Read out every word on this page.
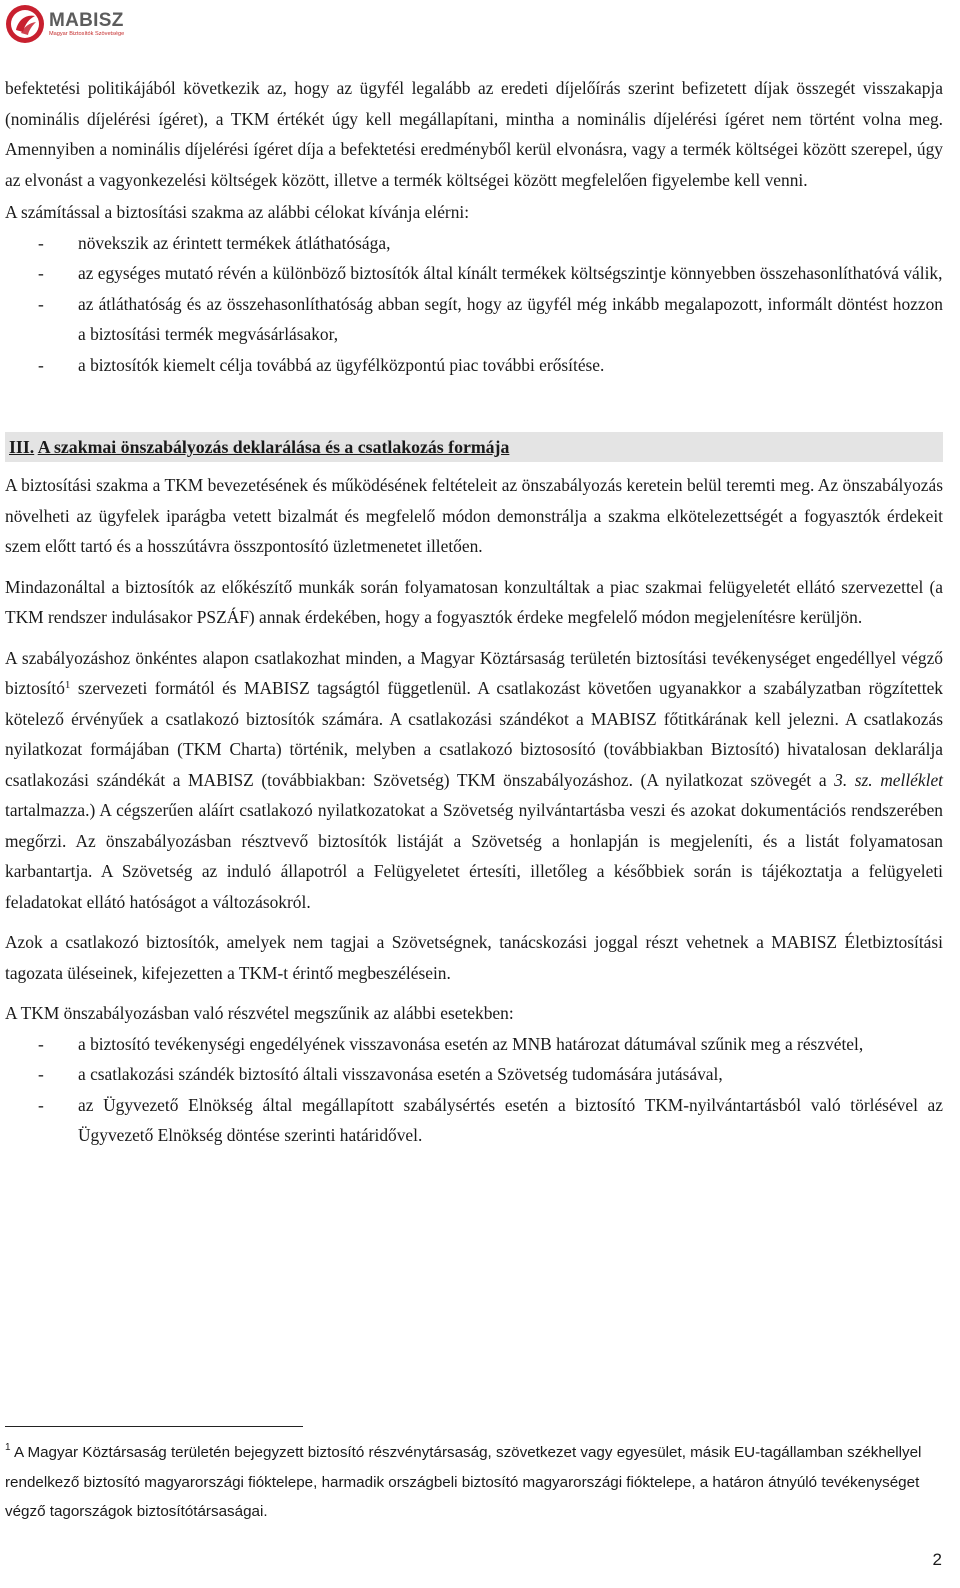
MABISZ
Magyar Biztosítók Szövetsége

befektetési politikájából következik az, hogy az ügyfél legalább az eredeti díjelőírás szerint befizetett díjak összegét visszakapja (nominális díjelérési ígéret), a TKM értékét úgy kell megállapítani, mintha a nominális díjelérési ígéret nem történt volna meg. Amennyiben a nominális díjelérési ígéret díja a befektetési eredményből kerül elvonásra, vagy a termék költségei között szerepel, úgy az elvonást a vagyonkezelési költségek között, illetve a termék költségei között megfelelően figyelembe kell venni.

A számítással a biztosítási szakma az alábbi célokat kívánja elérni:

- növekszik az érintett termékek átláthatósága,
- az egységes mutató révén a különböző biztosítók által kínált termékek költségszintje könnyebben összehasonlíthatóvá válik,
- az átláthatóság és az összehasonlíthatóság abban segít, hogy az ügyfél még inkább megalapozott, informált döntést hozzon a biztosítási termék megvásárlásakor,
- a biztosítók kiemelt célja továbbá az ügyfélközpontú piac további erősítése.
III. A szakmai önszabályozás deklarálása és a csatlakozás formája

A biztosítási szakma a TKM bevezetésének és működésének feltételeit az önszabályozás keretein belül teremti meg. Az önszabályozás növelheti az ügyfelek iparágba vetett bizalmát és megfelelő módon demonstrálja a szakma elkötelezettségét a fogyasztók érdekeit szem előtt tartó és a hosszútávra összpontosító üzletmenetet illetően.

Mindazonáltal a biztosítók az előkészítő munkák során folyamatosan konzultáltak a piac szakmai felügyeletét ellátó szervezettel (a TKM rendszer indulásakor PSZÁF) annak érdekében, hogy a fogyasztók érdeke megfelelő módon megjelenítésre kerüljön.

A szabályozáshoz önkéntes alapon csatlakozhat minden, a Magyar Köztársaság területén biztosítási tevékenységet engedéllyel végző biztosító$^1$ szervezeti formától és MABISZ tagságtól függetlenül. A csatlakozást követően ugyanakkor a szabályzatban rögzítettek kötelező érvényűek a csatlakozó biztosítók számára. A csatlakozási szándékot a MABISZ főtitkárának kell jelezni. A csatlakozás nyilatkozat formájában (TKM Charta) történik, melyben a csatlakozó biztososító (továbbiakban Biztosító) hivatalosan deklarálja csatlakozási szándékát a MABISZ (továbbiakban: Szövetség) TKM önszabályozáshoz. (A nyilatkozat szövegét a 3. sz. melléklet tartalmazza.) A cégszerűen aláírt csatlakozó nyilatkozatokat a Szövetség nyilvántartásba veszi és azokat dokumentációs rendszerében megőrzi. Az önszabályozásban résztvevő biztosítók listáját a Szövetség a honlapján is megjeleníti, és a listát folyamatosan karbantartja. A Szövetség az induló állapotról a Felügyeletet értesíti, illetőleg a későbbiek során is tájékoztatja a felügyeleti feladatokat ellátó hatóságot a változásokról.

Azok a csatlakozó biztosítók, amelyek nem tagjai a Szövetségnek, tanácskozási joggal részt vehetnek a MABISZ Életbiztosítási tagozata üléseinek, kifejezetten a TKM-t érintő megbeszélésein.

A TKM önszabályozásban való részvétel megszűnik az alábbi esetekben:

- a biztosító tevékenységi engedélyének visszavonása esetén az MNB határozat dátumával szűnik meg a részvétel,
- a csatlakozási szándék biztosító általi visszavonása esetén a Szövetség tudomására jutásával,
- az Ügyvezető Elnökség által megállapított szabálysértés esetén a biztosító TKM-nyilvántartásból való törlésével az Ügyvezető Elnökség döntése szerinti határidővel.
$^1$ A Magyar Köztársaság területén bejegyzett biztosító részvénytársaság, szövetkezet vagy egyesület, másik EU-tagállamban székhellyel rendelkező biztosító magyarországi fióktelepe, harmadik országbeli biztosító magyarországi fióktelepe, a határon átnyúló tevékenységet végző tagországok biztosítótársaságai.
2
